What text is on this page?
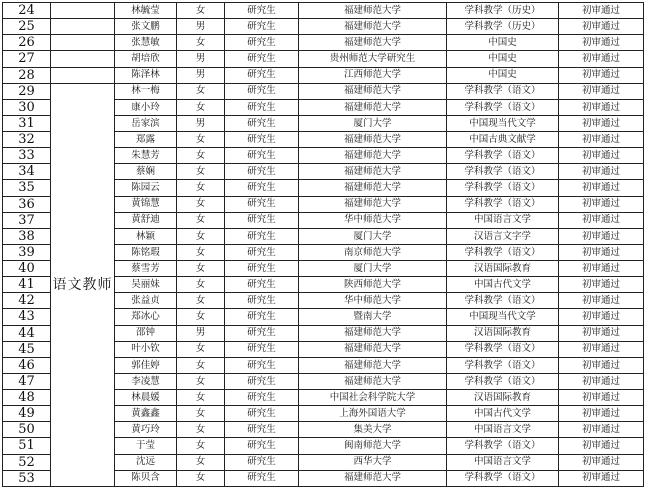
24		林毓莹	女	研究生	福建师范大学	学科教学（历史）	初审通过
25		张文鹏	男	研究生	福建师范大学	学科教学（历史）	初审通过
26		张慧敏	女	研究生	福建师范大学	中国史	初审通过
27		胡培欣	男	研究生	贵州师范大学研究生	中国史	初审通过
28		陈泽林	男	研究生	江西师范大学	中国史	初审通过
29	语文教师	林一梅	女	研究生	福建师范大学	学科教学（语文）	初审通过
30		康小玲	女	研究生	福建师范大学	学科教学（语文）	初审通过
31		岳家滨	男	研究生	厦门大学	中国现当代文学	初审通过
32		郑露	女	研究生	福建师范大学	中国古典文献学	初审通过
33		朱慧芳	女	研究生	福建师范大学	学科教学（语文）	初审通过
34		蔡娴	女	研究生	福建师范大学	学科教学（语文）	初审通过
35		陈园云	女	研究生	福建师范大学	学科教学（语文）	初审通过
36		黄锦慧	女	研究生	福建师范大学	学科教学（语文）	初审通过
37		黄舒迪	女	研究生	华中师范大学	中国语言文学	初审通过
38		林颖	女	研究生	厦门大学	汉语言文字学	初审通过
39		陈铭瑕	女	研究生	南京师范大学	学科教学（语文）	初审通过
40		蔡雪芳	女	研究生	厦门大学	汉语国际教育	初审通过
41		吴丽妹	女	研究生	陕西师范大学	中国古代文学	初审通过
42		张益贞	女	研究生	华中师范大学	学科教学（语文）	初审通过
43		郑冰心	女	研究生	暨南大学	中国现当代文学	初审通过
44		邵钟	男	研究生	福建师范大学	汉语国际教育	初审通过
45		叶小钦	女	研究生	福建师范大学	学科教学（语文）	初审通过
46		郭佳婷	女	研究生	福建师范大学	学科教学（语文）	初审通过
47		李凌慧	女	研究生	福建师范大学	学科教学（语文）	初审通过
48		林晨媛	女	研究生	中国社会科学院大学	汉语国际教育	初审通过
49		黄鑫鑫	女	研究生	上海外国语大学	中国古代文学	初审通过
50		黄巧玲	女	研究生	集美大学	中国语言文学	初审通过
51		于莹	女	研究生	闽南师范大学	学科教学（语文）	初审通过
52		沈远	女	研究生	西华大学	中国语言文学	初审通过
53		陈贝含	女	研究生	福建师范大学	学科教学（语文）	初审通过
